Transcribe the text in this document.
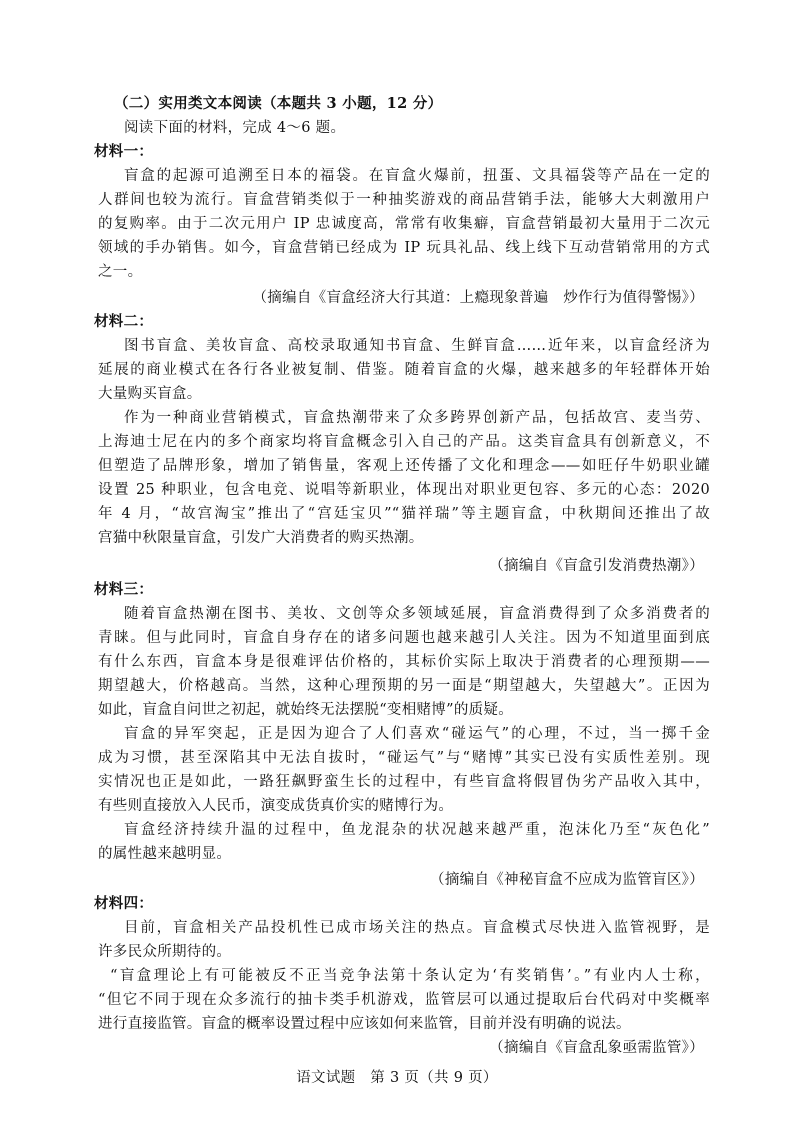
（二）实用类文本阅读（本题共 3 小题，12 分）
阅读下面的材料，完成 4～6 题。
材料一：
盲盒的起源可追溯至日本的福袋。在盲盒火爆前，扭蛋、文具福袋等产品在一定的
人群间也较为流行。盲盒营销类似于一种抽奖游戏的商品营销手法，能够大大刺激用户
的复购率。由于二次元用户 IP 忠诚度高，常常有收集癖，盲盒营销最初大量用于二次元
领域的手办销售。如今，盲盒营销已经成为 IP 玩具礼品、线上线下互动营销常用的方式
之一。
（摘编自《盲盒经济大行其道：上瘾现象普遍　炒作行为值得警惕》）
材料二：
图书盲盒、美妆盲盒、高校录取通知书盲盒、生鲜盲盒……近年来，以盲盒经济为
延展的商业模式在各行各业被复制、借鉴。随着盲盒的火爆，越来越多的年轻群体开始
大量购买盲盒。
作为一种商业营销模式，盲盒热潮带来了众多跨界创新产品，包括故宫、麦当劳、
上海迪士尼在内的多个商家均将盲盒概念引入自己的产品。这类盲盒具有创新意义，不
但塑造了品牌形象，增加了销售量，客观上还传播了文化和理念——如旺仔牛奶职业罐
设置 25 种职业，包含电竞、说唱等新职业，体现出对职业更包容、多元的心态：2020
年 4 月，“故宫淘宝”推出了“宫廷宝贝”“猫祥瑞”等主题盲盒，中秋期间还推出了故
宫猫中秋限量盲盒，引发广大消费者的购买热潮。
（摘编自《盲盒引发消费热潮》）
材料三：
随着盲盒热潮在图书、美妆、文创等众多领域延展，盲盒消费得到了众多消费者的
青睐。但与此同时，盲盒自身存在的诸多问题也越来越引人关注。因为不知道里面到底
有什么东西，盲盒本身是很难评估价格的，其标价实际上取决于消费者的心理预期——
期望越大，价格越高。当然，这种心理预期的另一面是“期望越大，失望越大”。正因为
如此，盲盒自问世之初起，就始终无法摆脱“变相赌博”的质疑。
盲盒的异军突起，正是因为迎合了人们喜欢“碰运气”的心理，不过，当一掷千金
成为习惯，甚至深陷其中无法自拔时，“碰运气”与“赌博”其实已没有实质性差别。现
实情况也正是如此，一路狂飙野蛮生长的过程中，有些盲盒将假冒伪劣产品收入其中，
有些则直接放入人民币，演变成货真价实的赌博行为。
盲盒经济持续升温的过程中，鱼龙混杂的状况越来越严重，泡沫化乃至“灰色化”
的属性越来越明显。
（摘编自《神秘盲盒不应成为监管盲区》）
材料四：
目前，盲盒相关产品投机性已成市场关注的热点。盲盒模式尽快进入监管视野，是
许多民众所期待的。
“盲盒理论上有可能被反不正当竞争法第十条认定为‘有奖销售’。”有业内人士称，
“但它不同于现在众多流行的抽卡类手机游戏，监管层可以通过提取后台代码对中奖概率
进行直接监管。盲盒的概率设置过程中应该如何来监管，目前并没有明确的说法。
（摘编自《盲盒乱象亟需监管》）
语文试题　第 3 页（共 9 页）
